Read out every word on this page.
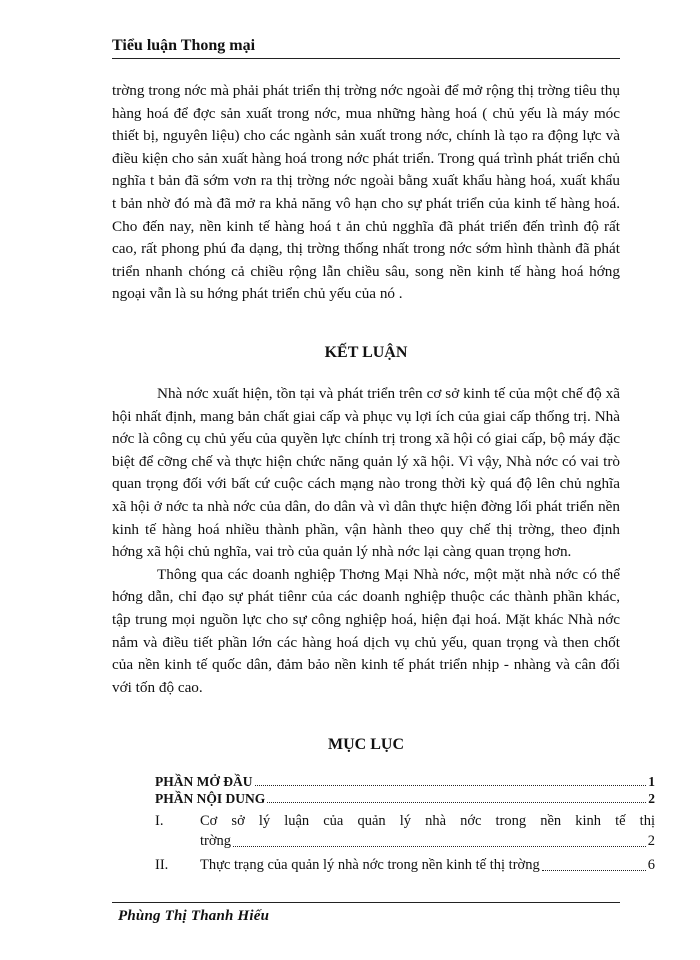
Tiểu luận Thong mại

trờng trong nớc mà phải phát triển thị trờng nớc ngoài để mở rộng thị trờng tiêu thụ hàng hoá để đợc sản xuất trong nớc, mua những hàng hoá ( chủ yếu là máy móc thiết bị, nguyên liệu) cho các ngành sản xuất trong nớc, chính là tạo ra động lực và điều kiện cho sản xuất hàng hoá trong nớc phát triển. Trong quá trình phát triển chủ nghĩa t bản đã sớm vơn ra thị trờng nớc ngoài bằng xuất khẩu hàng hoá, xuất khẩu t bản nhờ đó mà đã mở ra khả năng vô hạn cho sự phát triển của kinh tế hàng hoá. Cho đến nay, nền kinh tế hàng hoá t ản chủ ngghĩa đã phát triển đến trình độ rất cao, rất phong phú đa dạng, thị trờng thống nhất trong nớc sớm hình thành đã phát triển nhanh chóng cả chiều rộng lẫn chiều sâu, song nền kinh tế hàng hoá hớng ngoại vẫn là su hớng phát triển chủ yếu của nó .

KẾT LUẬN

Nhà nớc xuất hiện, tồn tại và phát triển trên cơ sở kinh tế của một chế độ xã hội nhất định, mang bản chất giai cấp và phục vụ lợi ích của giai cấp thống trị. Nhà nớc là công cụ chủ yếu của quyền lực chính trị trong xã hội có giai cấp, bộ máy đặc biệt để cỡng chế và thực hiện chức năng quản lý xã hội. Vì vậy, Nhà nớc có vai trò quan trọng đối với bất cứ cuộc cách mạng nào trong thời kỳ quá độ lên chủ nghĩa xã hội ở nớc ta nhà nớc của dân, do dân và vì dân thực hiện đờng lối phát triển nền kinh tế hàng hoá nhiều thành phần, vận hành theo quy chế thị trờng, theo định hớng xã hội chủ nghĩa, vai trò của quản lý nhà nớc lại càng quan trọng hơn.

Thông qua các doanh nghiệp Thơng Mại Nhà nớc, một mặt nhà nớc có thể hớng dẫn, chỉ đạo sự phát tiênr của các doanh nghiệp thuộc các thành phần khác, tập trung mọi nguồn lực cho sự công nghiệp hoá, hiện đại hoá. Mặt khác Nhà nớc nắm và điều tiết phần lớn các hàng hoá dịch vụ chủ yếu, quan trọng và then chốt của nền kinh tế quốc dân, đảm bảo nền kinh tế phát triển nhịp - nhàng và cân đối với tốn độ cao.

MỤC LỤC
PHẦN MỞ ĐẦU	1
PHẦN NỘI DUNG	2
I.	Cơ sở lý luận của quản lý nhà nớc trong nền kinh tế thị
trờng	2
II.	Thực trạng của quản lý nhà nớc trong nền kinh tế thị trờng	6
Phùng Thị Thanh Hiếu
